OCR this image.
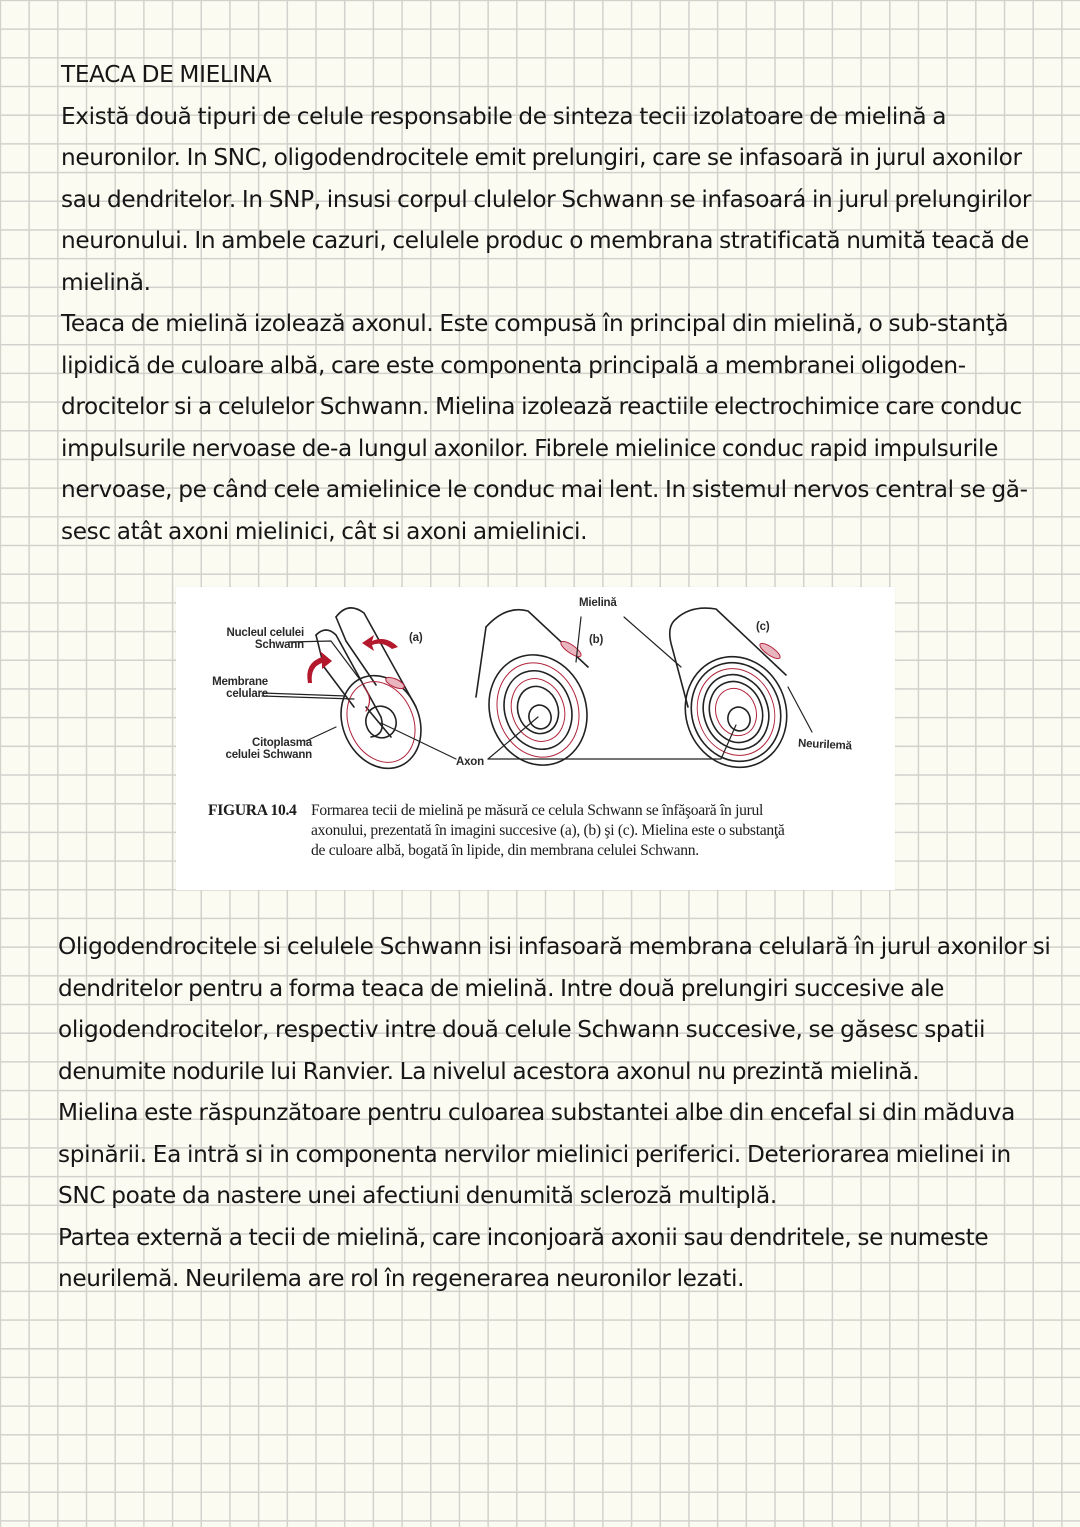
TEACA DE MIELINA
Există două tipuri de celule responsabile de sinteza tecii izolatoare de mielină a
neuronilor. In SNC, oligodendrocitele emit prelungiri, care se infasoară in jurul axonilor
sau dendritelor. In SNP, insusi corpul clulelor Schwann se infasoará in jurul prelungirilor
neuronului. In ambele cazuri, celulele produc o membrana stratificată numită teacă de
mielină.
Teaca de mielină izolează axonul. Este compusă în principal din mielină, o sub-stanţă
lipidică de culoare albă, care este componenta principală a membranei oligoden-
drocitelor si a celulelor Schwann. Mielina izolează reactiile electrochimice care conduc
impulsurile nervoase de-a lungul axonilor. Fibrele mielinice conduc rapid impulsurile
nervoase, pe când cele amielinice le conduc mai lent. In sistemul nervos central se gă-
sesc atât axoni mielinici, cât si axoni amielinici.
Nucleul celulei
Schwann
Membrane
celulare
Citoplasma
celulei Schwann
Axon
Mielină
Neurilemă
(a)	(b)
(c)
FIGURA 10.4 Formarea tecii de mielină pe măsură ce celula Schwann se înfăşoară în jurul
axonului, prezentată în imagini succesive (a), (b) şi (c). Mielina este o substanţă
de culoare albă, bogată în lipide, din membrana celulei Schwann.
Oligodendrocitele si celulele Schwann isi infasoară membrana celulară în jurul axonilor si
dendritelor pentru a forma teaca de mielină. Intre două prelungiri succesive ale
oligodendrocitelor, respectiv intre două celule Schwann succesive, se găsesc spatii
denumite nodurile lui Ranvier. La nivelul acestora axonul nu prezintă mielină.
Mielina este răspunzătoare pentru culoarea substantei albe din encefal si din măduva
spinării. Ea intră si in componenta nervilor mielinici periferici. Deteriorarea mielinei in
SNC poate da nastere unei afectiuni denumită scleroză multiplă.
Partea externă a tecii de mielină, care inconjoară axonii sau dendritele, se numeste
neurilemă. Neurilema are rol în regenerarea neuronilor lezati.
